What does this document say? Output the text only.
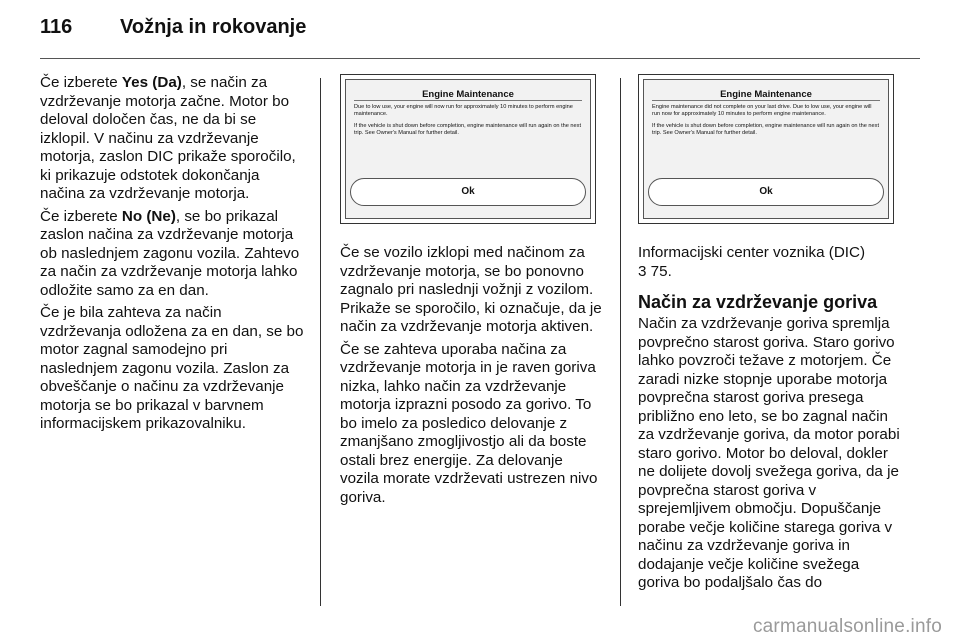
116 Vožnja in rokovanje

Če izberete Yes (Da), se način za vzdrževanje motorja začne. Motor bo deloval določen čas, ne da bi se izklopil. V načinu za vzdrževanje motorja, zaslon DIC prikaže sporočilo, ki prikazuje odstotek dokončanja načina za vzdrževanje motorja.

Če izberete No (Ne), se bo prikazal zaslon načina za vzdrževanje motorja ob naslednjem zagonu vozila. Zahtevo za način za vzdrževanje motorja lahko odložite samo za en dan.

Če je bila zahteva za način vzdrževanja odložena za en dan, se bo motor zagnal samodejno pri naslednjem zagonu vozila. Zaslon za obveščanje o načinu za vzdrževanje motorja se bo prikazal v barvnem informacijskem prikazovalniku.

Engine Maintenance

Due to low use, your engine will now run for approximately 10 minutes to perform engine maintenance.

If the vehicle is shut down before completion, engine maintenance will run again on the next trip. See Owner's Manual for further detail.

Ok

Če se vozilo izklopi med načinom za vzdrževanje motorja, se bo ponovno zagnalo pri naslednji vožnji z vozilom. Prikaže se sporočilo, ki označuje, da je način za vzdrževanje motorja aktiven.

Če se zahteva uporaba načina za vzdrževanje motorja in je raven goriva nizka, lahko način za vzdrževanje motorja izprazni posodo za gorivo. To bo imelo za posledico delovanje z zmanjšano zmogljivostjo ali da boste ostali brez energije. Za delovanje vozila morate vzdrževati ustrezen nivo goriva.

Engine Maintenance

Engine maintenance did not complete on your last drive. Due to low use, your engine will run now for approximately 10 minutes to perform engine maintenance.

If the vehicle is shut down before completion, engine maintenance will run again on the next trip. See Owner's Manual for further detail.

Ok

Informacijski center voznika (DIC)
3 75.

Način za vzdrževanje goriva

Način za vzdrževanje goriva spremlja povprečno starost goriva. Staro gorivo lahko povzroči težave z motorjem. Če zaradi nizke stopnje uporabe motorja povprečna starost goriva presega približno eno leto, se bo zagnal način za vzdrževanje goriva, da motor porabi staro gorivo. Motor bo deloval, dokler ne dolijete dovolj svežega goriva, da je povprečna starost goriva v sprejemljivem območju. Dopuščanje porabe večje količine starega goriva v načinu za vzdrževanje goriva in dodajanje večje količine svežega goriva bo podaljšalo čas do

carmanualsonline.info
